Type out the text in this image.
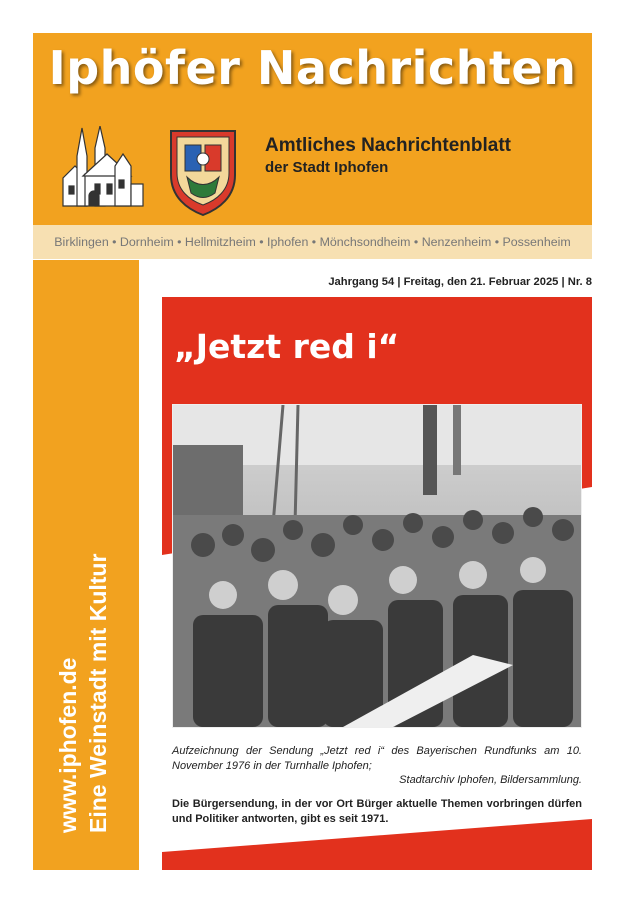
Iphöfer Nachrichten
Amtliches Nachrichtenblatt
der Stadt Iphofen
Birklingen • Dornheim • Hellmitzheim • Iphofen • Mönchsondheim • Nenzenheim • Possenheim
www.iphofen.de Eine Weinstadt mit Kultur
Jahrgang 54 | Freitag, den 21. Februar 2025 | Nr. 8
„Jetzt red i“
Aufzeichnung der Sendung „Jetzt red i“ des Bayerischen Rundfunks am 10. November 1976 in der Turnhalle Iphofen;
Stadtarchiv Iphofen, Bildersammlung.
Die Bürgersendung, in der vor Ort Bürger aktuelle Themen vorbringen dürfen und Politiker antworten, gibt es seit 1971.
